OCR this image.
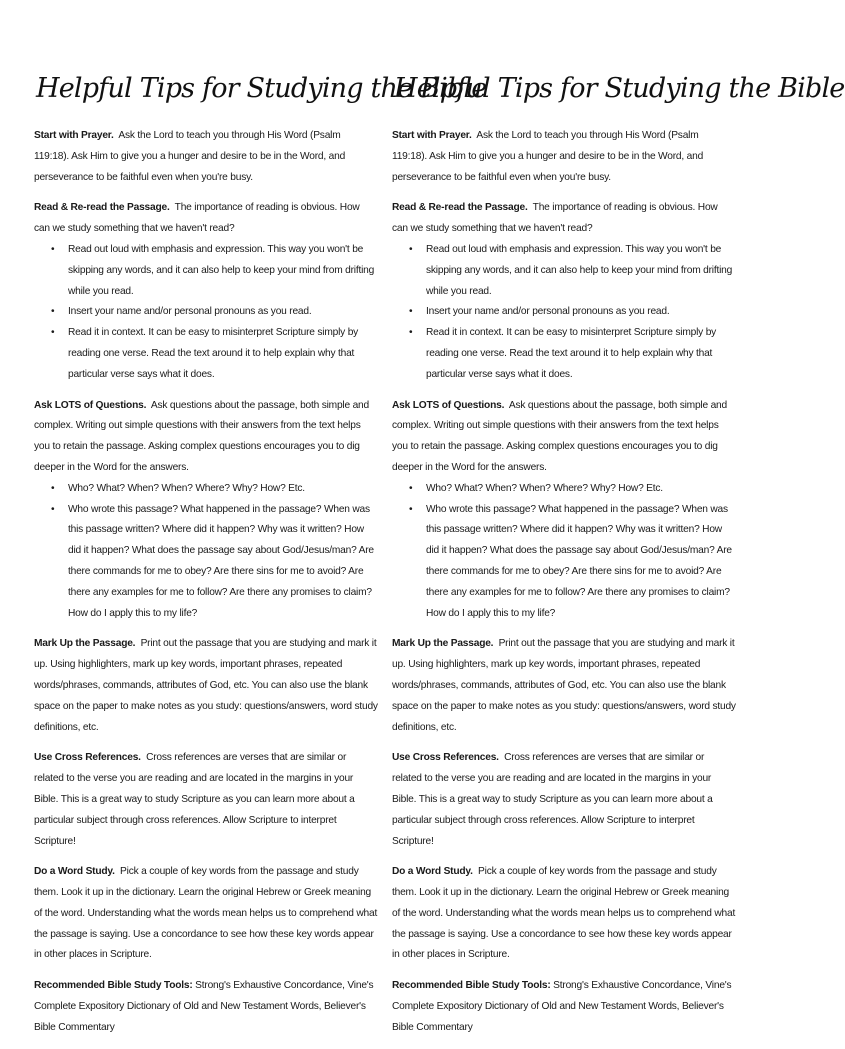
Helpful Tips for Studying the Bible
Start with Prayer. Ask the Lord to teach you through His Word (Psalm 119:18). Ask Him to give you a hunger and desire to be in the Word, and perseverance to be faithful even when you're busy.
Read & Re-read the Passage. The importance of reading is obvious. How can we study something that we haven't read?
• Read out loud with emphasis and expression. This way you won't be skipping any words, and it can also help to keep your mind from drifting while you read.
• Insert your name and/or personal pronouns as you read.
• Read it in context. It can be easy to misinterpret Scripture simply by reading one verse. Read the text around it to help explain why that particular verse says what it does.
Ask LOTS of Questions. Ask questions about the passage, both simple and complex. Writing out simple questions with their answers from the text helps you to retain the passage. Asking complex questions encourages you to dig deeper in the Word for the answers.
• Who? What? When? When? Where? Why? How? Etc.
• Who wrote this passage? What happened in the passage? When was this passage written? Where did it happen? Why was it written? How did it happen? What does the passage say about God/Jesus/man? Are there commands for me to obey? Are there sins for me to avoid? Are there any examples for me to follow? Are there any promises to claim? How do I apply this to my life?
Mark Up the Passage. Print out the passage that you are studying and mark it up. Using highlighters, mark up key words, important phrases, repeated words/phrases, commands, attributes of God, etc. You can also use the blank space on the paper to make notes as you study: questions/answers, word study definitions, etc.
Use Cross References. Cross references are verses that are similar or related to the verse you are reading and are located in the margins in your Bible. This is a great way to study Scripture as you can learn more about a particular subject through cross references. Allow Scripture to interpret Scripture!
Do a Word Study. Pick a couple of key words from the passage and study them. Look it up in the dictionary. Learn the original Hebrew or Greek meaning of the word. Understanding what the words mean helps us to comprehend what the passage is saying. Use a concordance to see how these key words appear in other places in Scripture.
Recommended Bible Study Tools: Strong's Exhaustive Concordance, Vine's Complete Expository Dictionary of Old and New Testament Words, Believer's Bible Commentary
Helpful Tips for Studying the Bible
Start with Prayer. Ask the Lord to teach you through His Word (Psalm 119:18). Ask Him to give you a hunger and desire to be in the Word, and perseverance to be faithful even when you're busy.
Read & Re-read the Passage. The importance of reading is obvious. How can we study something that we haven't read?
• Read out loud with emphasis and expression. This way you won't be skipping any words, and it can also help to keep your mind from drifting while you read.
• Insert your name and/or personal pronouns as you read.
• Read it in context. It can be easy to misinterpret Scripture simply by reading one verse. Read the text around it to help explain why that particular verse says what it does.
Ask LOTS of Questions. Ask questions about the passage, both simple and complex. Writing out simple questions with their answers from the text helps you to retain the passage. Asking complex questions encourages you to dig deeper in the Word for the answers.
• Who? What? When? When? Where? Why? How? Etc.
• Who wrote this passage? What happened in the passage? When was this passage written? Where did it happen? Why was it written? How did it happen? What does the passage say about God/Jesus/man? Are there commands for me to obey? Are there sins for me to avoid? Are there any examples for me to follow? Are there any promises to claim? How do I apply this to my life?
Mark Up the Passage. Print out the passage that you are studying and mark it up. Using highlighters, mark up key words, important phrases, repeated words/phrases, commands, attributes of God, etc. You can also use the blank space on the paper to make notes as you study: questions/answers, word study definitions, etc.
Use Cross References. Cross references are verses that are similar or related to the verse you are reading and are located in the margins in your Bible. This is a great way to study Scripture as you can learn more about a particular subject through cross references. Allow Scripture to interpret Scripture!
Do a Word Study. Pick a couple of key words from the passage and study them. Look it up in the dictionary. Learn the original Hebrew or Greek meaning of the word. Understanding what the words mean helps us to comprehend what the passage is saying. Use a concordance to see how these key words appear in other places in Scripture.
Recommended Bible Study Tools: Strong's Exhaustive Concordance, Vine's Complete Expository Dictionary of Old and New Testament Words, Believer's Bible Commentary
